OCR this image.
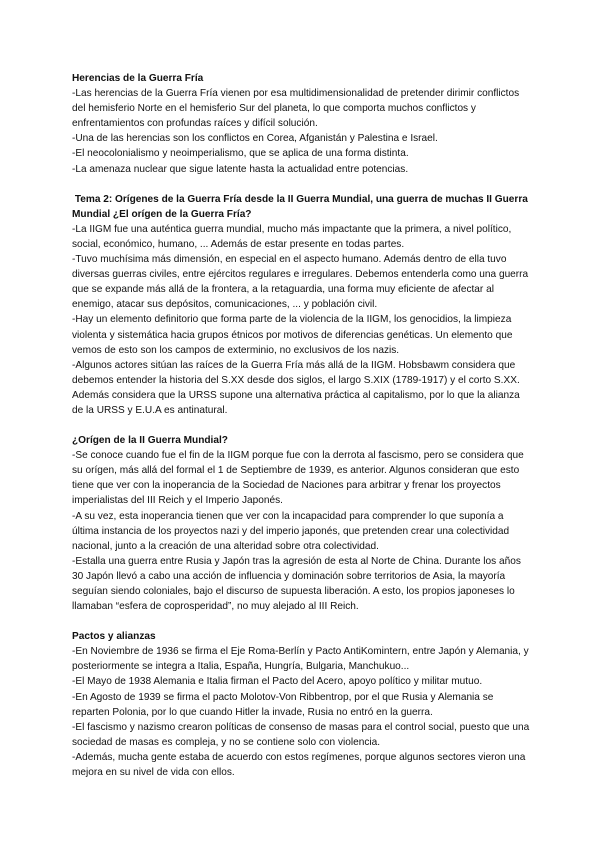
Herencias de la Guerra Fría

-Las herencias de la Guerra Fría vienen por esa multidimensionalidad de pretender dirimir conflictos del hemisferio Norte en el hemisferio Sur del planeta, lo que comporta muchos conflictos y enfrentamientos con profundas raíces y difícil solución.

-Una de las herencias son los conflictos en Corea, Afganistán y Palestina e Israel.

-El neocolonialismo y neoimperialismo, que se aplica de una forma distinta.

-La amenaza nuclear que sigue latente hasta la actualidad entre potencias.

Tema 2: Orígenes de la Guerra Fría desde la II Guerra Mundial, una guerra de muchas II Guerra Mundial ¿El orígen de la Guerra Fría?

-La IIGM fue una auténtica guerra mundial, mucho más impactante que la primera, a nivel político, social, económico, humano, ... Además de estar presente en todas partes.

-Tuvo muchísima más dimensión, en especial en el aspecto humano. Además dentro de ella tuvo diversas guerras civiles, entre ejércitos regulares e irregulares. Debemos entenderla como una guerra que se expande más allá de la frontera, a la retaguardia, una forma muy eficiente de afectar al enemigo, atacar sus depósitos, comunicaciones, ... y población civil.

-Hay un elemento definitorio que forma parte de la violencia de la IIGM, los genocidios, la limpieza violenta y sistemática hacia grupos étnicos por motivos de diferencias genéticas. Un elemento que vemos de esto son los campos de exterminio, no exclusivos de los nazis.

-Algunos actores sitúan las raíces de la Guerra Fría más allá de la IIGM. Hobsbawm considera que debemos entender la historia del S.XX desde dos siglos, el largo S.XIX (1789-1917) y el corto S.XX. Además considera que la URSS supone una alternativa práctica al capitalismo, por lo que la alianza de la URSS y E.U.A es antinatural.

¿Orígen de la II Guerra Mundial?

-Se conoce cuando fue el fin de la IIGM porque fue con la derrota al fascismo, pero se considera que su orígen, más allá del formal el 1 de Septiembre de 1939, es anterior. Algunos consideran que esto tiene que ver con la inoperancia de la Sociedad de Naciones para arbitrar y frenar los proyectos imperialistas del III Reich y el Imperio Japonés.

-A su vez, esta inoperancia tienen que ver con la incapacidad para comprender lo que suponía a última instancia de los proyectos nazi y del imperio japonés, que pretenden crear una colectividad nacional, junto a la creación de una alteridad sobre otra colectividad.

-Estalla una guerra entre Rusia y Japón tras la agresión de esta al Norte de China. Durante los años 30 Japón llevó a cabo una acción de influencia y dominación sobre territorios de Asia, la mayoría seguían siendo coloniales, bajo el discurso de supuesta liberación. A esto, los propios japoneses lo llamaban “esfera de coprosperidad”, no muy alejado al III Reich.

Pactos y alianzas

-En Noviembre de 1936 se firma el Eje Roma-Berlín y Pacto AntiKomintern, entre Japón y Alemania, y posteriormente se integra a Italia, España, Hungría, Bulgaria, Manchukuo...

-El Mayo de 1938 Alemania e Italia firman el Pacto del Acero, apoyo político y militar mutuo.

-En Agosto de 1939 se firma el pacto Molotov-Von Ribbentrop, por el que Rusia y Alemania se reparten Polonia, por lo que cuando Hitler la invade, Rusia no entró en la guerra.

-El fascismo y nazismo crearon políticas de consenso de masas para el control social, puesto que una sociedad de masas es compleja, y no se contiene solo con violencia.

-Además, mucha gente estaba de acuerdo con estos regímenes, porque algunos sectores vieron una mejora en su nivel de vida con ellos.
